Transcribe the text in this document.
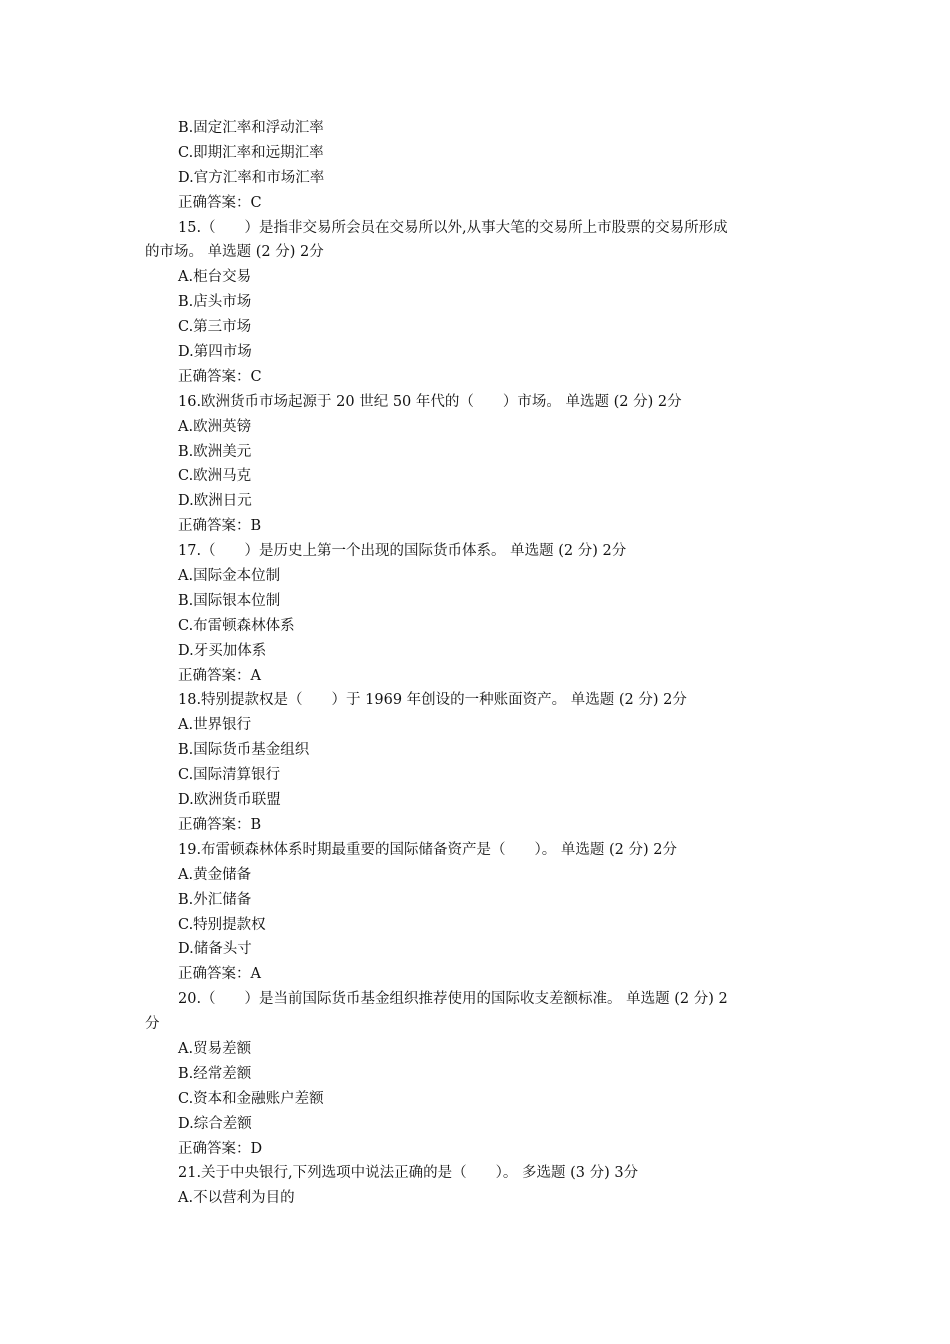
B.固定汇率和浮动汇率
C.即期汇率和远期汇率
D.官方汇率和市场汇率
正确答案：C
15.（　　）是指非交易所会员在交易所以外,从事大笔的交易所上市股票的交易所形成
的市场。 单选题 (2 分) 2分
A.柜台交易
B.店头市场
C.第三市场
D.第四市场
正确答案：C
16.欧洲货币市场起源于 20 世纪 50 年代的（　　）市场。 单选题 (2 分) 2分
A.欧洲英镑
B.欧洲美元
C.欧洲马克
D.欧洲日元
正确答案：B
17.（　　）是历史上第一个出现的国际货币体系。 单选题 (2 分) 2分
A.国际金本位制
B.国际银本位制
C.布雷顿森林体系
D.牙买加体系
正确答案：A
18.特别提款权是（　　）于 1969 年创设的一种账面资产。 单选题 (2 分) 2分
A.世界银行
B.国际货币基金组织
C.国际清算银行
D.欧洲货币联盟
正确答案：B
19.布雷顿森林体系时期最重要的国际储备资产是（　　）。 单选题 (2 分) 2分
A.黄金储备
B.外汇储备
C.特别提款权
D.储备头寸
正确答案：A
20.（　　）是当前国际货币基金组织推荐使用的国际收支差额标准。 单选题 (2 分) 2
分
A.贸易差额
B.经常差额
C.资本和金融账户差额
D.综合差额
正确答案：D
21.关于中央银行,下列选项中说法正确的是（　　）。 多选题 (3 分) 3分
A.不以营利为目的
